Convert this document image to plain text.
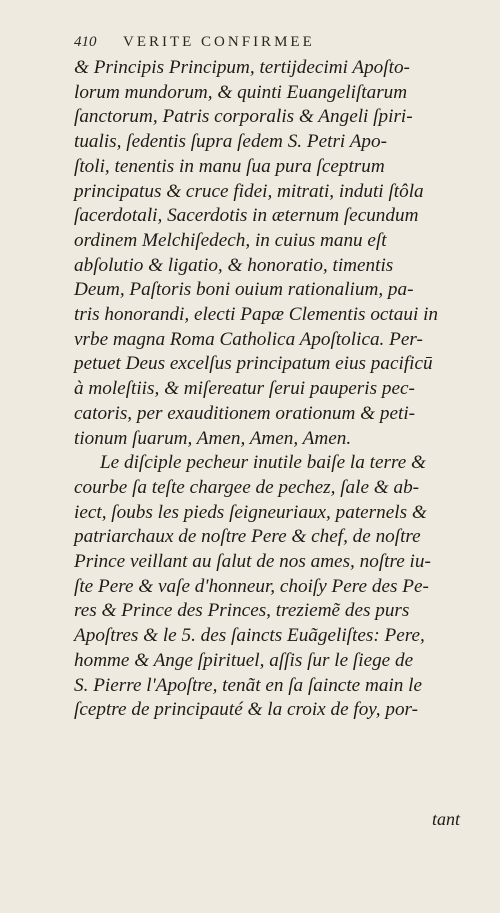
410 VERITE CONFIRMEE
& Principis Principum, tertijdecimi Apoſto-
lorum mundorum, & quinti Euangeliſtarum
ſanctorum, Patris corporalis & Angeli ſpiri-
tualis, ſedentis ſupra ſedem S. Petri Apo-
ſtoli, tenentis in manu ſua pura ſceptrum
principatus & cruce fidei, mitrati, induti ſtôla
ſacerdotali, Sacerdotis in æternum ſecundum
ordinem Melchiſedech, in cuius manu eſt
abſolutio & ligatio, & honoratio, timentis
Deum, Paſtoris boni ouium rationalium, pa-
tris honorandi, electi Papæ Clementis octaui in
vrbe magna Roma Catholica Apoſtolica. Per-
petuet Deus excelſus principatum eius pacificū
à moleſtiis, & miſereatur ſerui pauperis pec-
catoris, per exauditionem orationum & peti-
tionum ſuarum, Amen, Amen, Amen.
Le diſciple pecheur inutile baiſe la terre &
courbe ſa teſte chargee de pechez, ſale & ab-
iect, ſoubs les pieds ſeigneuriaux, paternels &
patriarchaux de noſtre Pere & chef, de noſtre
Prince veillant au ſalut de nos ames, noſtre iu-
ſte Pere & vaſe d'honneur, choiſy Pere des Pe-
res & Prince des Princes, treziemẽ des purs
Apoſtres & le 5. des ſaincts Euãgeliſtes: Pere,
homme & Ange ſpirituel, aſſis ſur le ſiege de
S. Pierre l'Apoſtre, tenãt en ſa ſaincte main le
ſceptre de principauté & la croix de foy, por-
tant
